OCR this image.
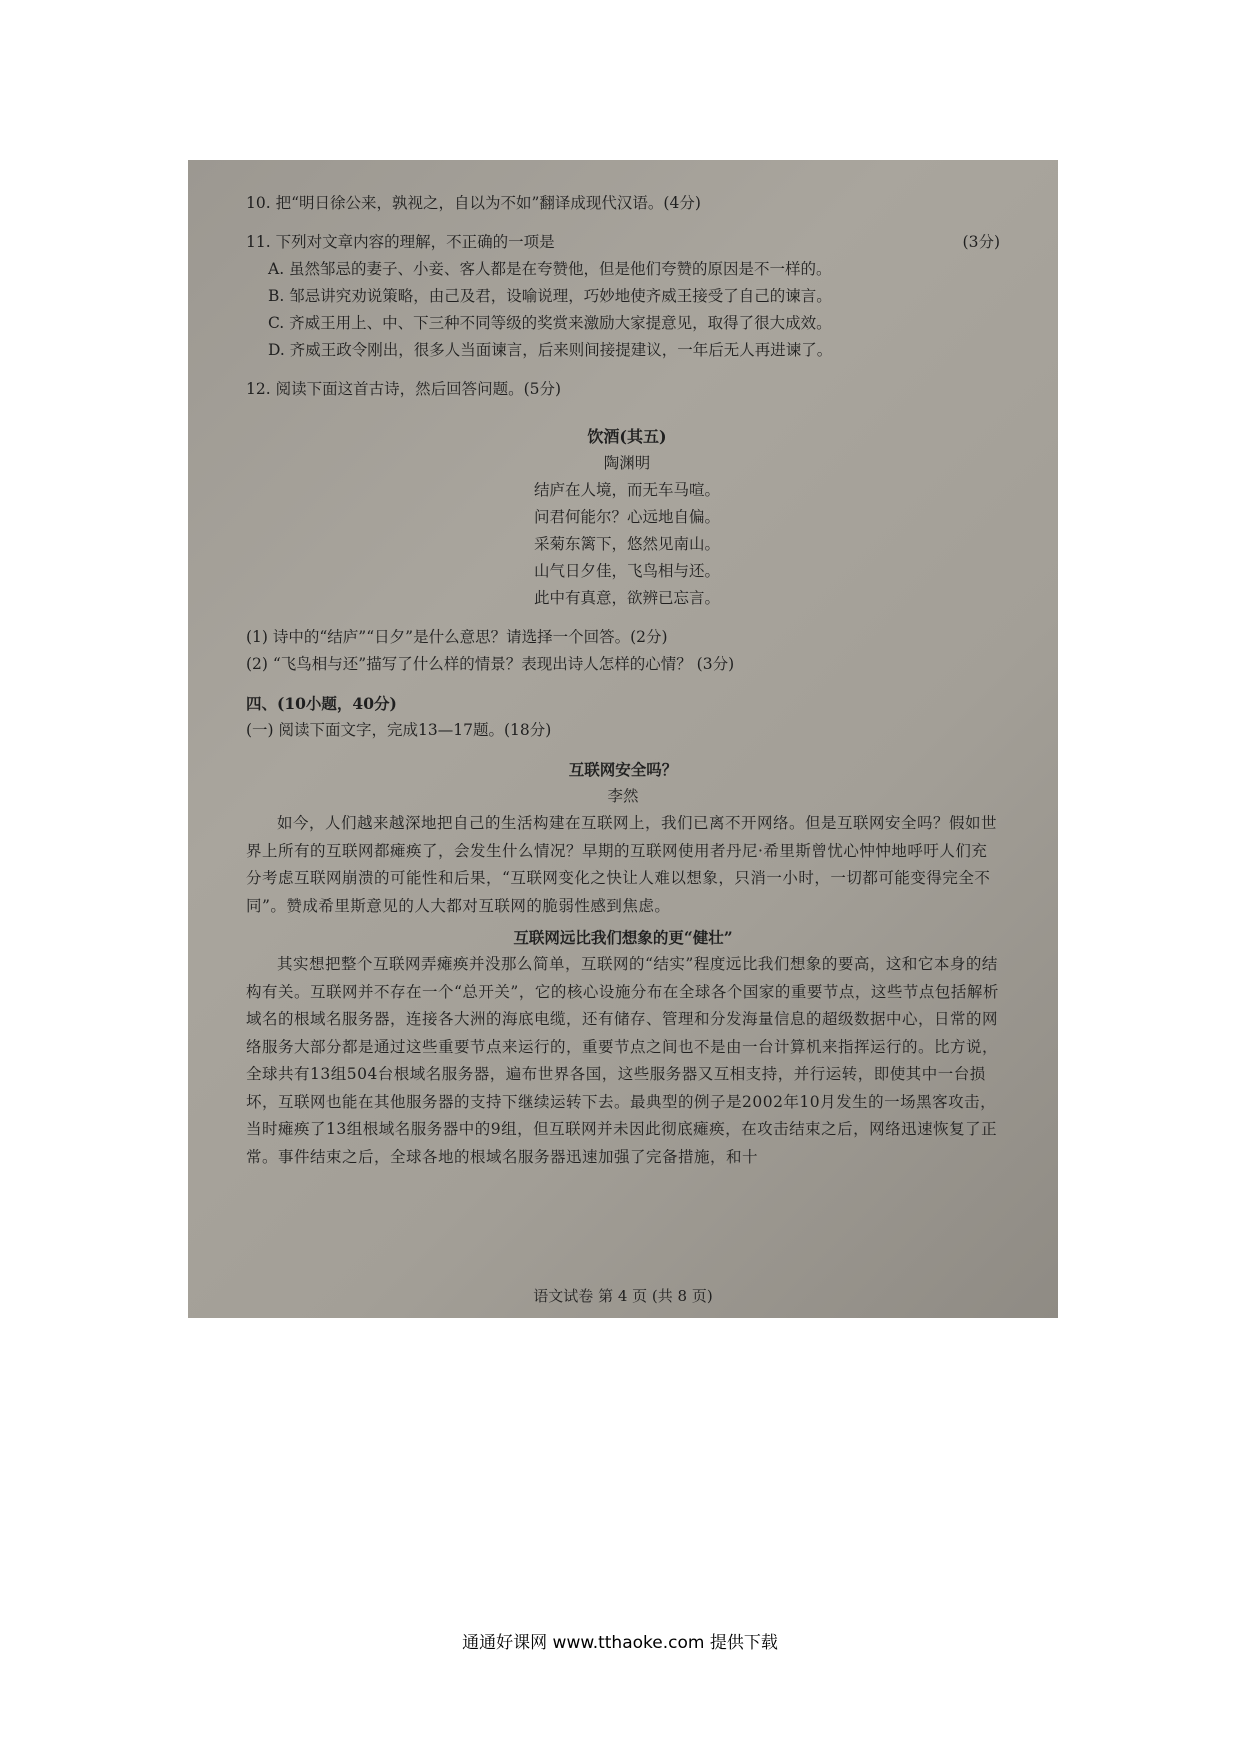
10. 把“明日徐公来，孰视之，自以为不如”翻译成现代汉语。(4分)
11. 下列对文章内容的理解，不正确的一项是	(3分)
A. 虽然邹忌的妻子、小妾、客人都是在夸赞他，但是他们夸赞的原因是不一样的。
B. 邹忌讲究劝说策略，由己及君，设喻说理，巧妙地使齐威王接受了自己的谏言。
C. 齐威王用上、中、下三种不同等级的奖赏来激励大家提意见，取得了很大成效。
D. 齐威王政令刚出，很多人当面谏言，后来则间接提建议，一年后无人再进谏了。
12. 阅读下面这首古诗，然后回答问题。(5分)
饮酒(其五)
陶渊明
结庐在人境，而无车马喧。
问君何能尔？心远地自偏。
采菊东篱下，悠然见南山。
山气日夕佳，飞鸟相与还。
此中有真意，欲辨已忘言。
(1) 诗中的“结庐”“日夕”是什么意思？请选择一个回答。(2分)
(2) “飞鸟相与还”描写了什么样的情景？表现出诗人怎样的心情？ (3分)
四、(10小题，40分)
(一) 阅读下面文字，完成13—17题。(18分)
互联网安全吗？
李然
如今，人们越来越深地把自己的生活构建在互联网上，我们已离不开网络。但是互联网安全吗？假如世界上所有的互联网都瘫痪了，会发生什么情况？早期的互联网使用者丹尼·希里斯曾忧心忡忡地呼吁人们充分考虑互联网崩溃的可能性和后果，“互联网变化之快让人难以想象，只消一小时，一切都可能变得完全不同”。赞成希里斯意见的人大都对互联网的脆弱性感到焦虑。
互联网远比我们想象的更“健壮”
其实想把整个互联网弄瘫痪并没那么简单，互联网的“结实”程度远比我们想象的要高，这和它本身的结构有关。互联网并不存在一个“总开关”，它的核心设施分布在全球各个国家的重要节点，这些节点包括解析域名的根域名服务器，连接各大洲的海底电缆，还有储存、管理和分发海量信息的超级数据中心，日常的网络服务大部分都是通过这些重要节点来运行的，重要节点之间也不是由一台计算机来指挥运行的。比方说，全球共有13组504台根域名服务器，遍布世界各国，这些服务器又互相支持，并行运转，即使其中一台损坏，互联网也能在其他服务器的支持下继续运转下去。最典型的例子是2002年10月发生的一场黑客攻击，当时瘫痪了13组根域名服务器中的9组，但互联网并未因此彻底瘫痪，在攻击结束之后，网络迅速恢复了正常。事件结束之后，全球各地的根域名服务器迅速加强了完备措施，和十
语文试卷 第 4 页 (共 8 页)
通通好课网 www.tthaoke.com 提供下载
